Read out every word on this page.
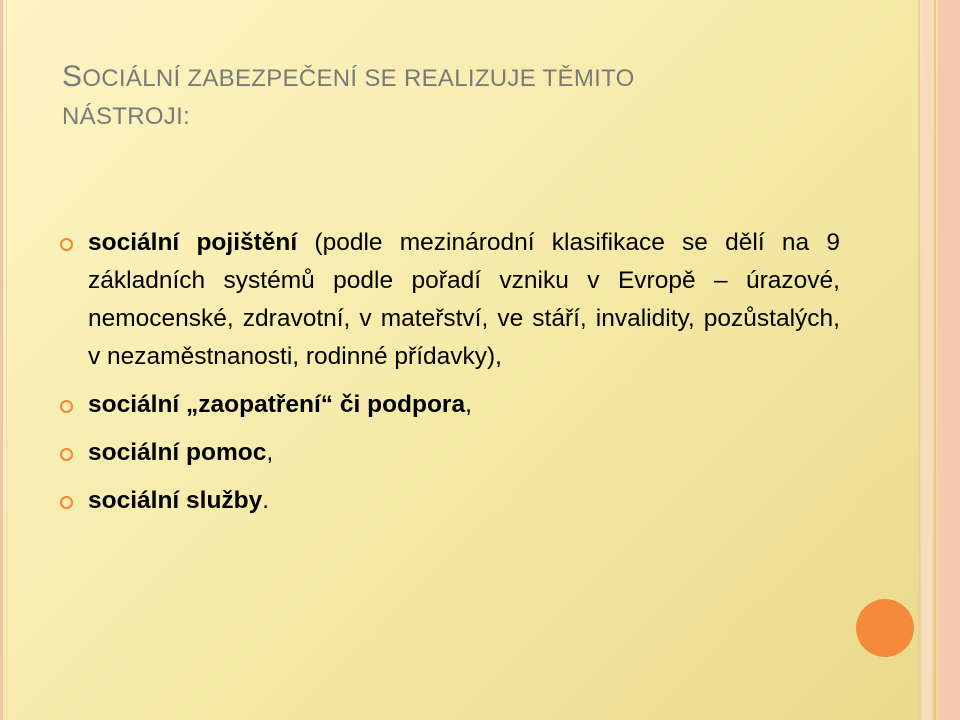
SOCIÁLNÍ ZABEZPEČENÍ SE REALIZUJE TĚMITO
NÁSTROJI:
sociální pojištění (podle mezinárodní klasifikace se dělí na 9 základních systémů podle pořadí vzniku v Evropě – úrazové, nemocenské, zdravotní, v mateřství, ve stáří, invalidity, pozůstalých, v nezaměstnanosti, rodinné přídavky),
sociální „zaopatření“ či podpora,
sociální pomoc,
sociální služby.
